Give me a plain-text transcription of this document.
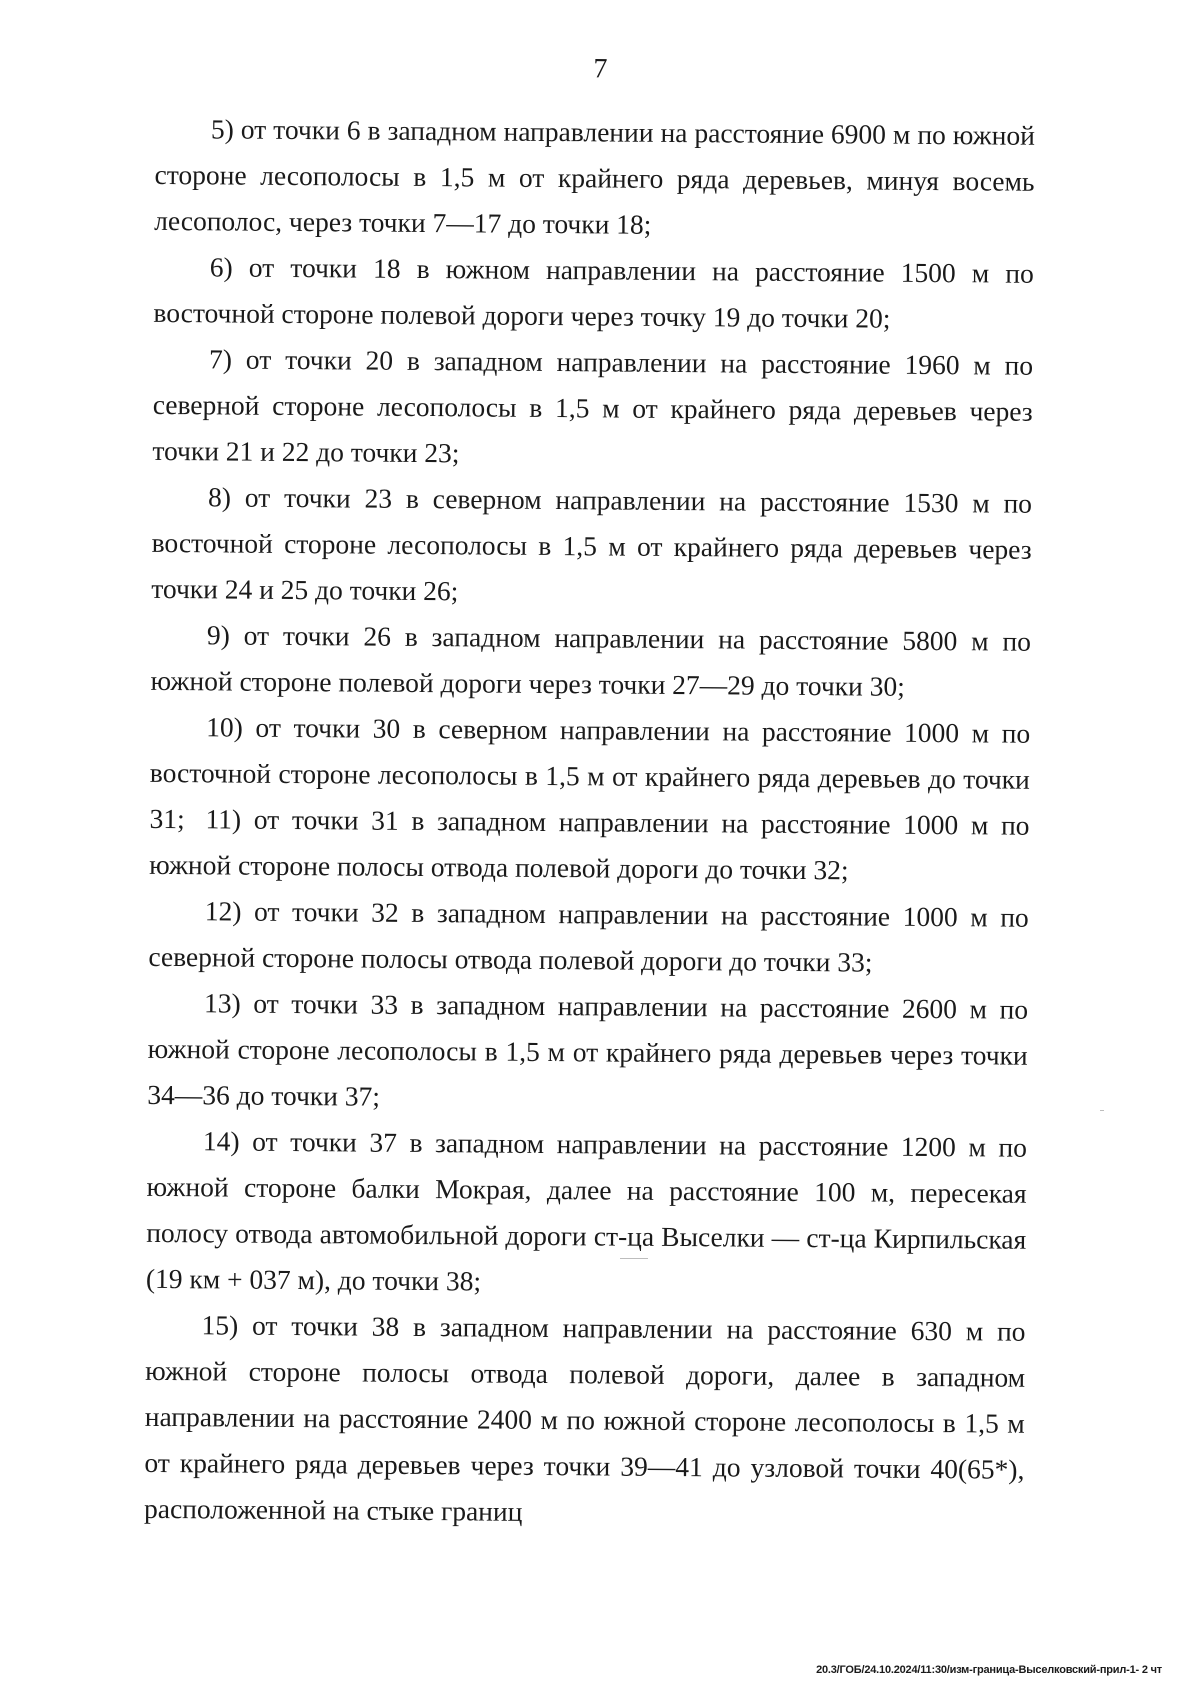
7

5) от точки 6 в западном направлении на расстояние 6900 м по южной стороне лесополосы в 1,5 м от крайнего ряда деревьев, минуя восемь лесополос, через точки 7—17 до точки 18;

6) от точки 18 в южном направлении на расстояние 1500 м по восточной стороне полевой дороги через точку 19 до точки 20;

7) от точки 20 в западном направлении на расстояние 1960 м по северной стороне лесополосы в 1,5 м от крайнего ряда деревьев через точки 21 и 22 до точки 23;

8) от точки 23 в северном направлении на расстояние 1530 м по восточной стороне лесополосы в 1,5 м от крайнего ряда деревьев через точки 24 и 25 до точки 26;

9) от точки 26 в западном направлении на расстояние 5800 м по южной стороне полевой дороги через точки 27—29 до точки 30;

10) от точки 30 в северном направлении на расстояние 1000 м по восточной стороне лесополосы в 1,5 м от крайнего ряда деревьев до точки 31; 11) от точки 31 в западном направлении на расстояние 1000 м по южной стороне полосы отвода полевой дороги до точки 32;

12) от точки 32 в западном направлении на расстояние 1000 м по северной стороне полосы отвода полевой дороги до точки 33;

13) от точки 33 в западном направлении на расстояние 2600 м по южной стороне лесополосы в 1,5 м от крайнего ряда деревьев через точки 34—36 до точки 37;

14) от точки 37 в западном направлении на расстояние 1200 м по южной стороне балки Мокрая, далее на расстояние 100 м, пересекая полосу отвода автомобильной дороги ст-ца Выселки — ст-ца Кирпильская (19 км + 037 м), до точки 38;

15) от точки 38 в западном направлении на расстояние 630 м по южной стороне полосы отвода полевой дороги, далее в западном направлении на расстояние 2400 м по южной стороне лесополосы в 1,5 м от крайнего ряда деревьев через точки 39—41 до узловой точки 40(65*), расположенной на стыке границ

20.3/ГОБ/24.10.2024/11:30/изм-граница-Выселковский-прил-1- 2 чт
